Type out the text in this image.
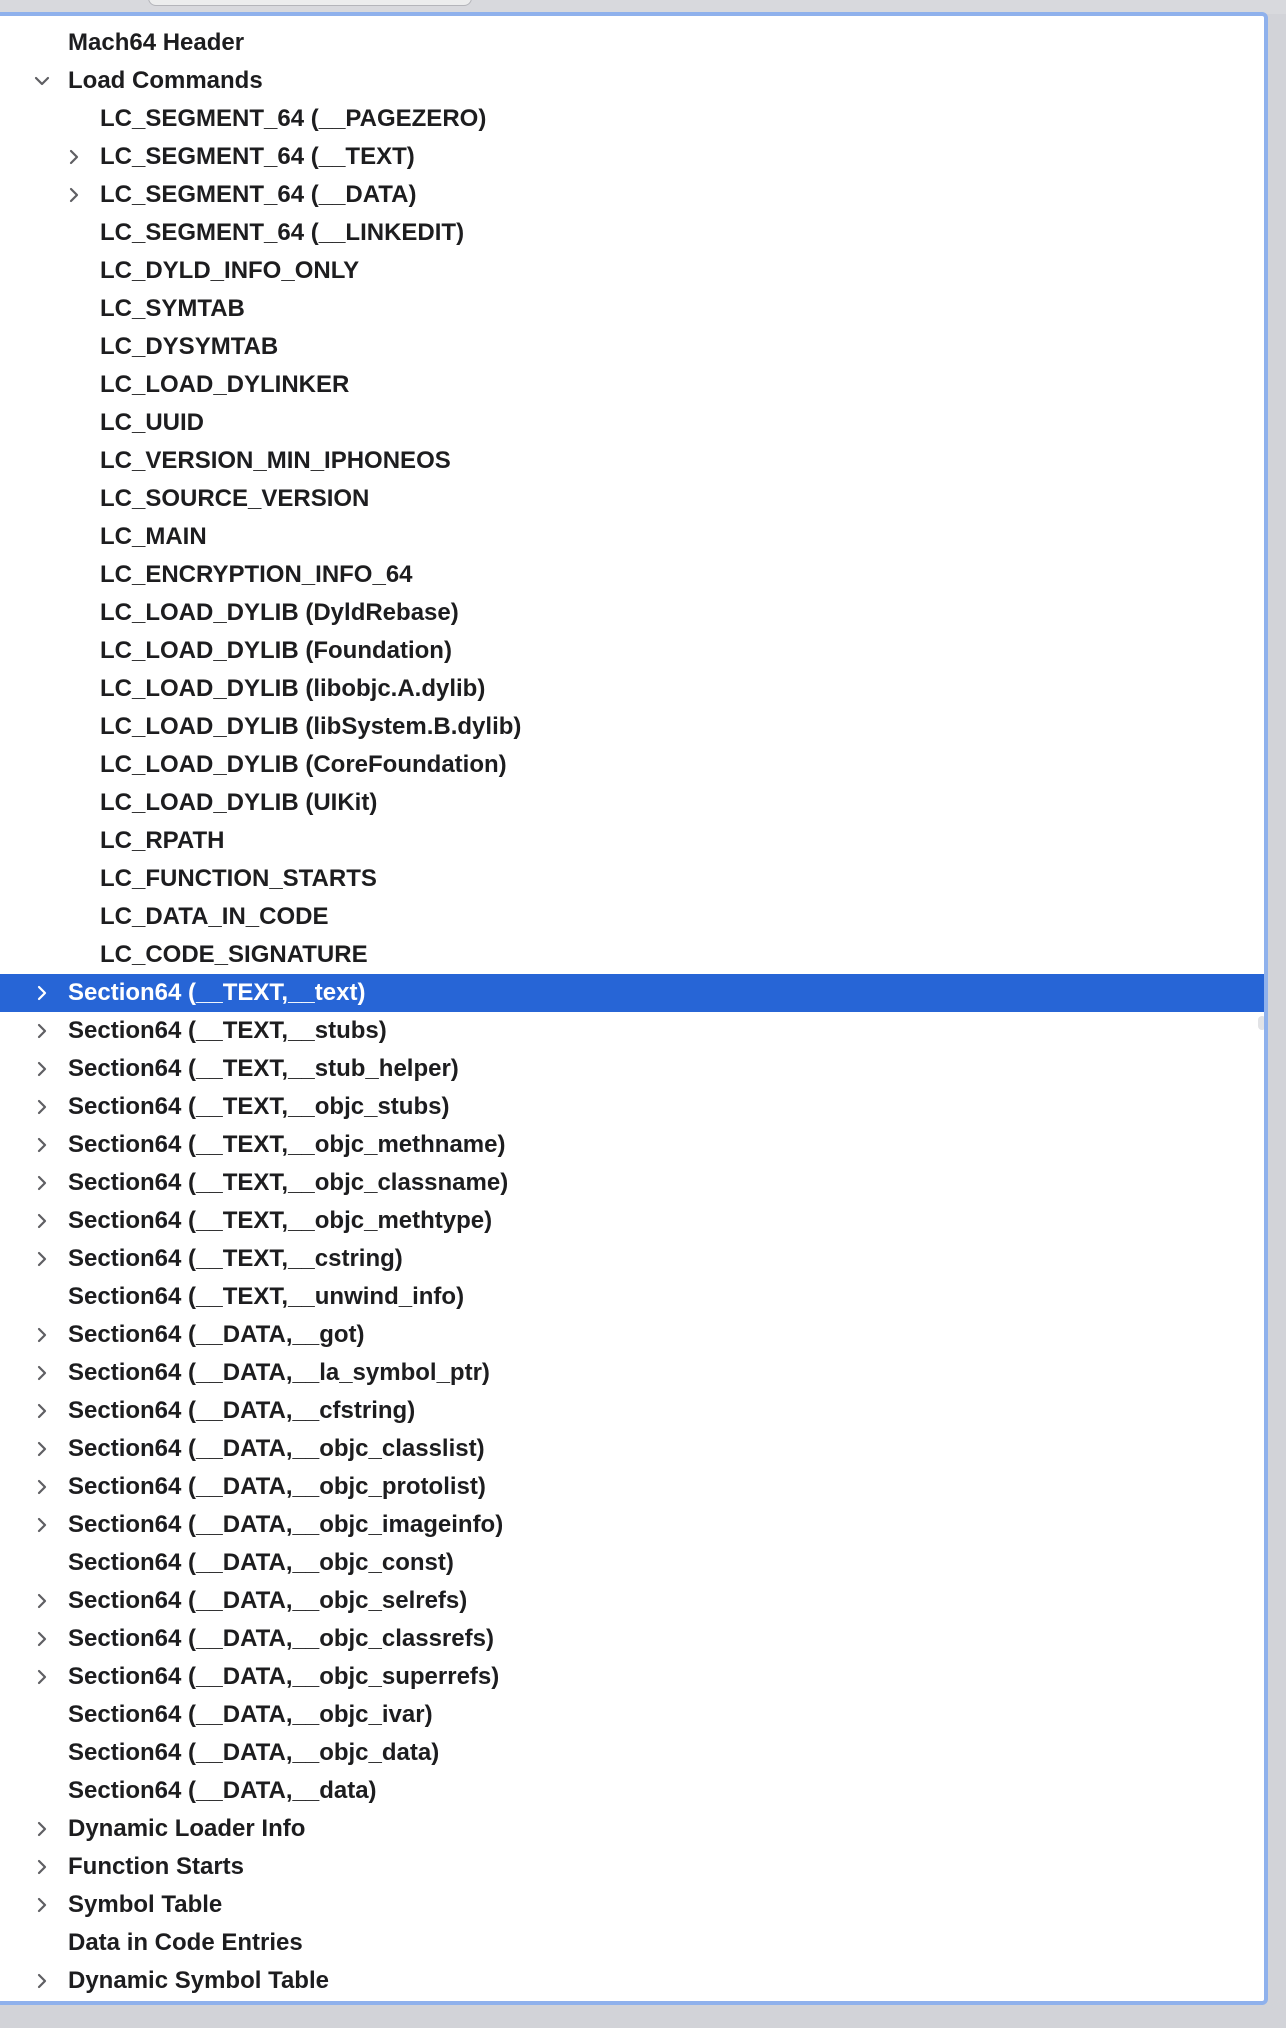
Mach64 Header
Load Commands
LC_SEGMENT_64 (__PAGEZERO)
LC_SEGMENT_64 (__TEXT)
LC_SEGMENT_64 (__DATA)
LC_SEGMENT_64 (__LINKEDIT)
LC_DYLD_INFO_ONLY
LC_SYMTAB
LC_DYSYMTAB
LC_LOAD_DYLINKER
LC_UUID
LC_VERSION_MIN_IPHONEOS
LC_SOURCE_VERSION
LC_MAIN
LC_ENCRYPTION_INFO_64
LC_LOAD_DYLIB (DyldRebase)
LC_LOAD_DYLIB (Foundation)
LC_LOAD_DYLIB (libobjc.A.dylib)
LC_LOAD_DYLIB (libSystem.B.dylib)
LC_LOAD_DYLIB (CoreFoundation)
LC_LOAD_DYLIB (UIKit)
LC_RPATH
LC_FUNCTION_STARTS
LC_DATA_IN_CODE
LC_CODE_SIGNATURE
Section64 (__TEXT,__text)
Section64 (__TEXT,__stubs)
Section64 (__TEXT,__stub_helper)
Section64 (__TEXT,__objc_stubs)
Section64 (__TEXT,__objc_methname)
Section64 (__TEXT,__objc_classname)
Section64 (__TEXT,__objc_methtype)
Section64 (__TEXT,__cstring)
Section64 (__TEXT,__unwind_info)
Section64 (__DATA,__got)
Section64 (__DATA,__la_symbol_ptr)
Section64 (__DATA,__cfstring)
Section64 (__DATA,__objc_classlist)
Section64 (__DATA,__objc_protolist)
Section64 (__DATA,__objc_imageinfo)
Section64 (__DATA,__objc_const)
Section64 (__DATA,__objc_selrefs)
Section64 (__DATA,__objc_classrefs)
Section64 (__DATA,__objc_superrefs)
Section64 (__DATA,__objc_ivar)
Section64 (__DATA,__objc_data)
Section64 (__DATA,__data)
Dynamic Loader Info
Function Starts
Symbol Table
Data in Code Entries
Dynamic Symbol Table
